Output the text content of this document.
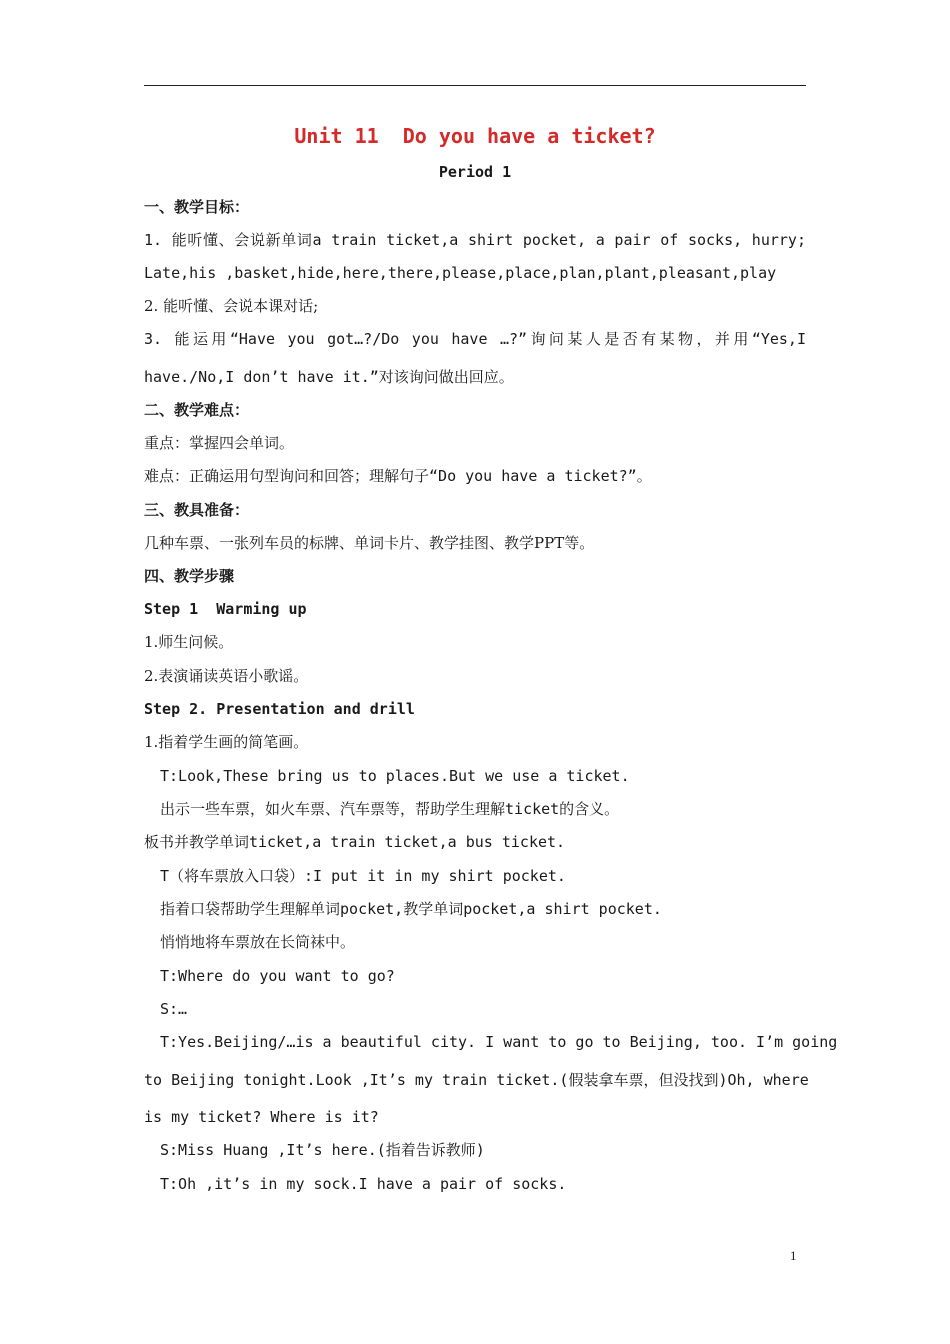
Unit 11  Do you have a ticket?
Period 1
一、教学目标：
1. 能听懂、会说新单词a train ticket,a shirt pocket, a pair of socks, hurry;
Late,his ,basket,hide,here,there,please,place,plan,plant,pleasant,play
2. 能听懂、会说本课对话;
3. 能运用“Have you got…?/Do you have …?”询问某人是否有某物，并用“Yes,I
have./No,I don’t have it.”对该询问做出回应。
二、教学难点：
重点：掌握四会单词。
难点：正确运用句型询问和回答；理解句子“Do you have a ticket?”。
三、教具准备：
几种车票、一张列车员的标牌、单词卡片、教学挂图、教学PPT等。
四、教学步骤
Step 1  Warming up
1.师生问候。
2.表演诵读英语小歌谣。
Step 2. Presentation and drill
1.指着学生画的简笔画。
T:Look,These bring us to places.But we use a ticket.
出示一些车票，如火车票、汽车票等，帮助学生理解ticket的含义。
板书并教学单词ticket,a train ticket,a bus ticket.
T（将车票放入口袋）:I put it in my shirt pocket.
指着口袋帮助学生理解单词pocket,教学单词pocket,a shirt pocket.
悄悄地将车票放在长筒袜中。
T:Where do you want to go?
S:…
T:Yes.Beijing/…is a beautiful city. I want to go to Beijing, too. I’m going
to Beijing tonight.Look ,It’s my train ticket.(假装拿车票，但没找到)Oh, where
is my ticket? Where is it?
S:Miss Huang ,It’s here.(指着告诉教师)
T:Oh ,it’s in my sock.I have a pair of socks.
1
